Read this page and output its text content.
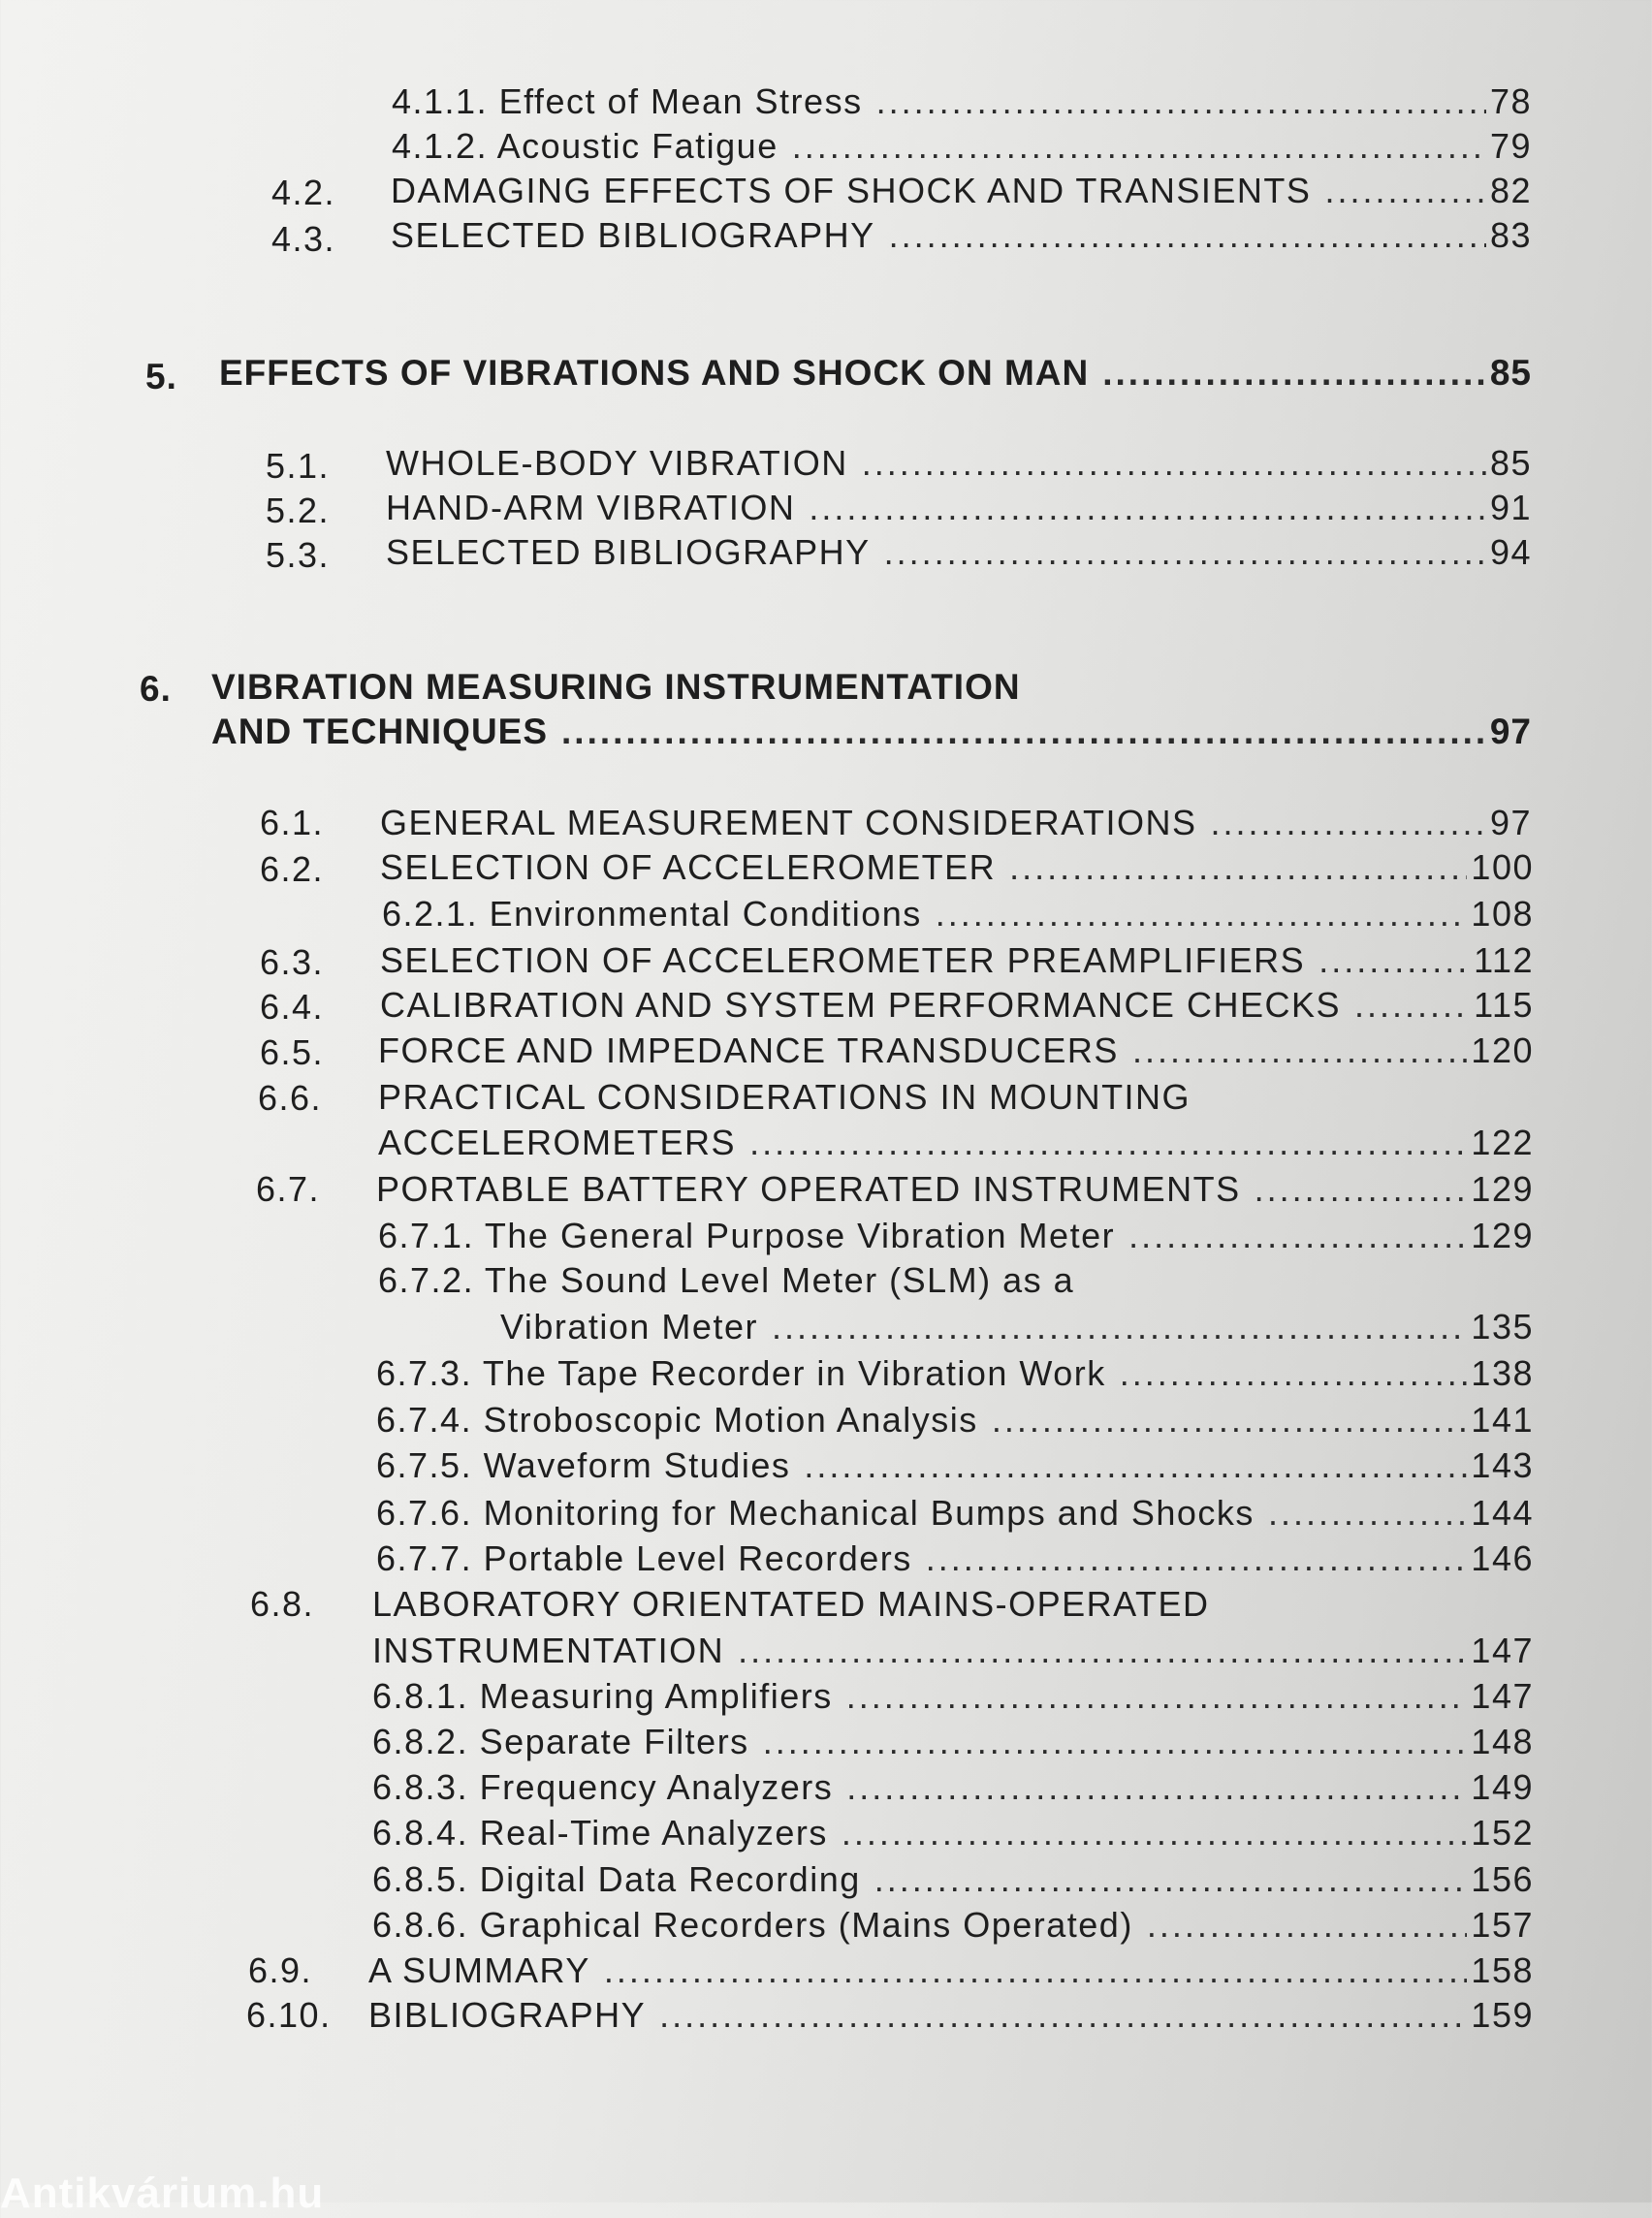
4.1.1. Effect of Mean Stress .....	78
4.1.2. Acoustic Fatigue .....	79
4.2. DAMAGING EFFECTS OF SHOCK AND TRANSIENTS .....	82
4.3. SELECTED BIBLIOGRAPHY .....	83
5. EFFECTS OF VIBRATIONS AND SHOCK ON MAN .....	85
5.1. WHOLE-BODY VIBRATION .....	85
5.2. HAND-ARM VIBRATION .....	91
5.3. SELECTED BIBLIOGRAPHY .....	94
6. VIBRATION MEASURING INSTRUMENTATION
AND TECHNIQUES .....	97
6.1. GENERAL MEASUREMENT CONSIDERATIONS .....	97
6.2. SELECTION OF ACCELEROMETER .....	100
6.2.1. Environmental Conditions .....	108
6.3. SELECTION OF ACCELEROMETER PREAMPLIFIERS .....	112
6.4. CALIBRATION AND SYSTEM PERFORMANCE CHECKS .....	115
6.5. FORCE AND IMPEDANCE TRANSDUCERS .....	120
6.6. PRACTICAL CONSIDERATIONS IN MOUNTING
ACCELEROMETERS .....	122
6.7. PORTABLE BATTERY OPERATED INSTRUMENTS .....	129
6.7.1. The General Purpose Vibration Meter .....	129
6.7.2. The Sound Level Meter (SLM) as a
Vibration Meter .....	135
6.7.3. The Tape Recorder in Vibration Work .....	138
6.7.4. Stroboscopic Motion Analysis .....	141
6.7.5. Waveform Studies .....	143
6.7.6. Monitoring for Mechanical Bumps and Shocks .....	144
6.7.7. Portable Level Recorders .....	146
6.8. LABORATORY ORIENTATED MAINS-OPERATED
INSTRUMENTATION .....	147
6.8.1. Measuring Amplifiers .....	147
6.8.2. Separate Filters .....	148
6.8.3. Frequency Analyzers .....	149
6.8.4. Real-Time Analyzers .....	152
6.8.5. Digital Data Recording .....	156
6.8.6. Graphical Recorders (Mains Operated) .....	157
6.9. A SUMMARY .....	158
6.10. BIBLIOGRAPHY .....	159
Antikvárium.hu
